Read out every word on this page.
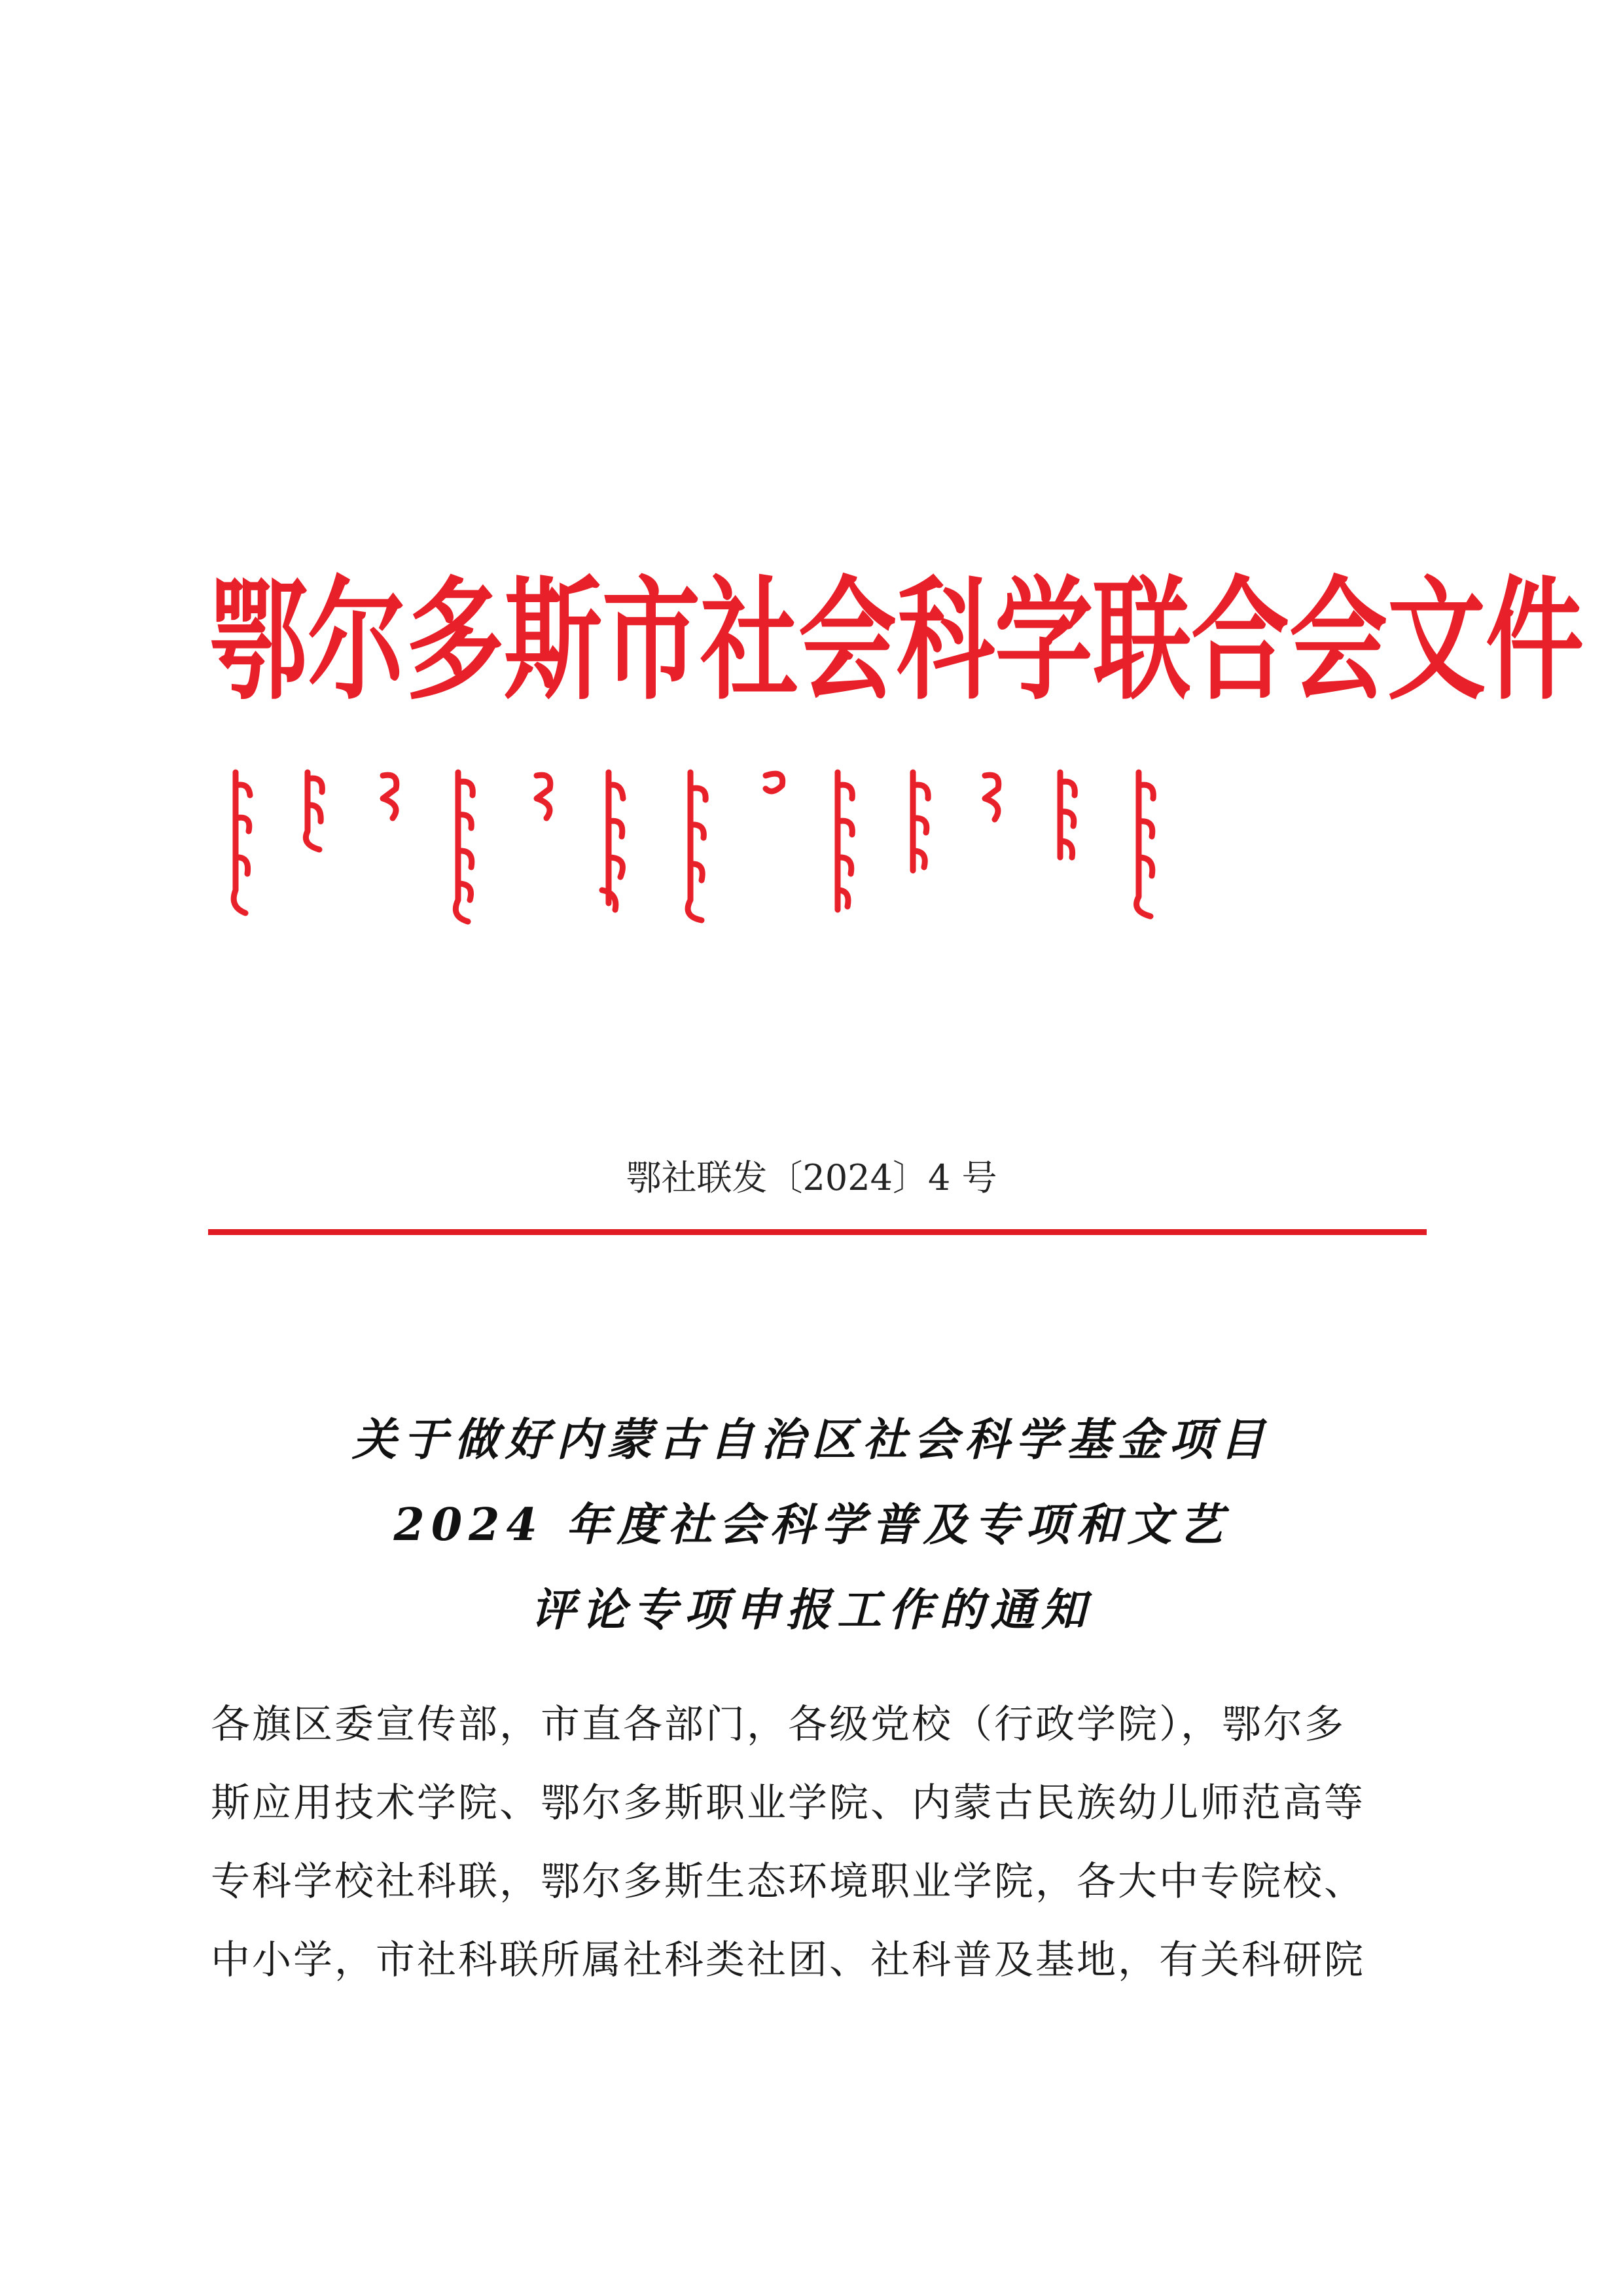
鄂尔多斯市社会科学联合会文件
鄂社联发〔2024〕4 号
关于做好内蒙古自治区社会科学基金项目
2024 年度社会科学普及专项和文艺
评论专项申报工作的通知
各旗区委宣传部，市直各部门，各级党校（行政学院），鄂尔多
斯应用技术学院、鄂尔多斯职业学院、内蒙古民族幼儿师范高等
专科学校社科联，鄂尔多斯生态环境职业学院，各大中专院校、
中小学，市社科联所属社科类社团、社科普及基地，有关科研院
